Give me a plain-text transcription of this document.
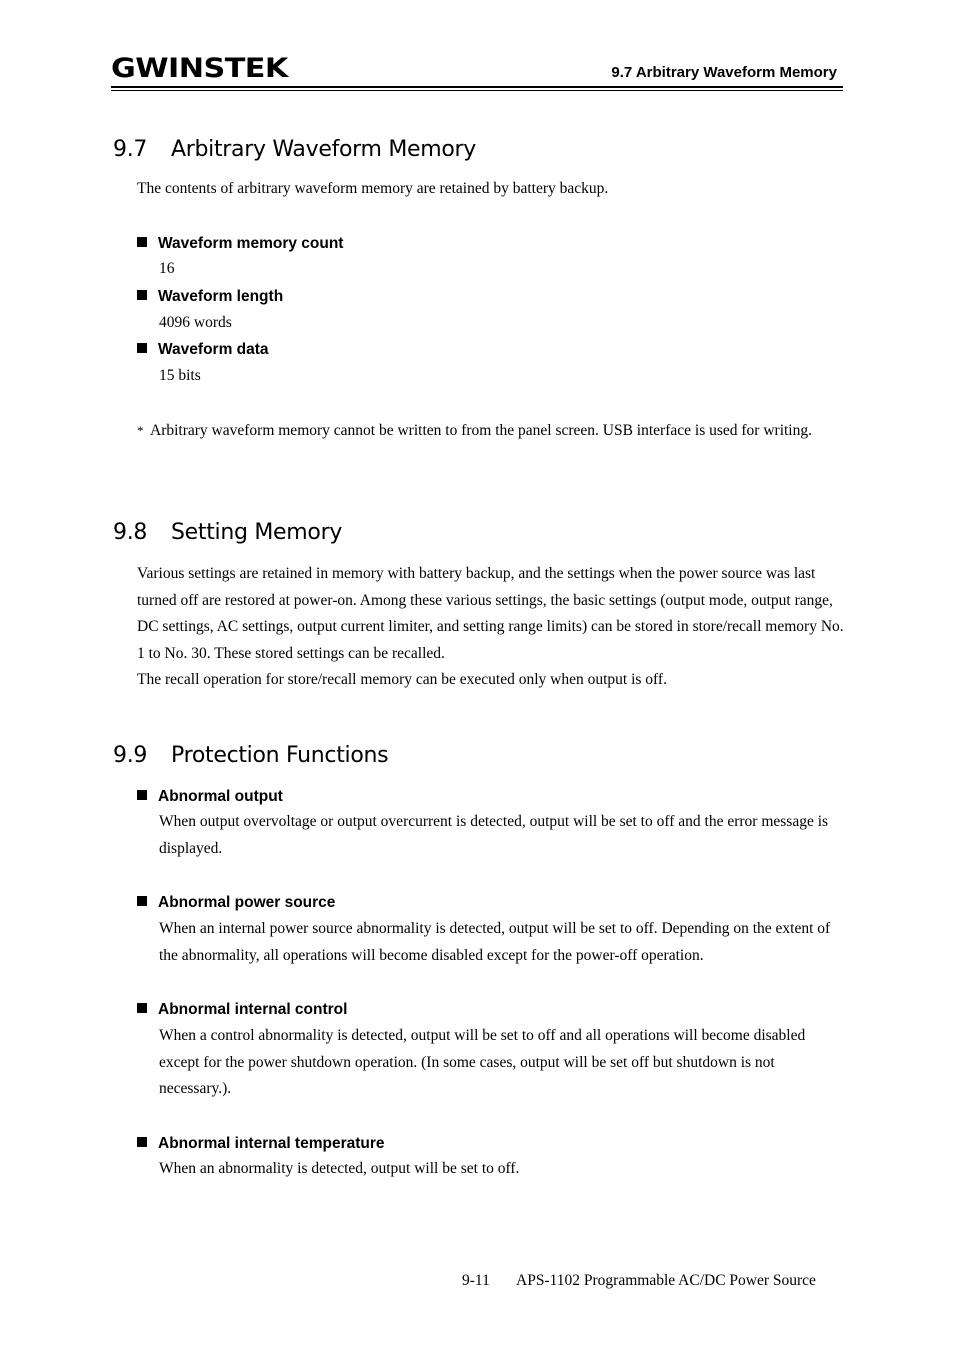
GWINSTEK	9.7 Arbitrary Waveform Memory
9.7 Arbitrary Waveform Memory
The contents of arbitrary waveform memory are retained by battery backup.
Waveform memory count
16
Waveform length
4096 words
Waveform data
15 bits
* Arbitrary waveform memory cannot be written to from the panel screen. USB interface is used for writing.
9.8 Setting Memory
Various settings are retained in memory with battery backup, and the settings when the power source was last turned off are restored at power-on. Among these various settings, the basic settings (output mode, output range, DC settings, AC settings, output current limiter, and setting range limits) can be stored in store/recall memory No. 1 to No. 30. These stored settings can be recalled.
The recall operation for store/recall memory can be executed only when output is off.
9.9 Protection Functions
Abnormal output
When output overvoltage or output overcurrent is detected, output will be set to off and the error message is displayed.
Abnormal power source
When an internal power source abnormality is detected, output will be set to off. Depending on the extent of the abnormality, all operations will become disabled except for the power-off operation.
Abnormal internal control
When a control abnormality is detected, output will be set to off and all operations will become disabled except for the power shutdown operation. (In some cases, output will be set off but shutdown is not necessary.).
Abnormal internal temperature
When an abnormality is detected, output will be set to off.
9-11 APS-1102 Programmable AC/DC Power Source
